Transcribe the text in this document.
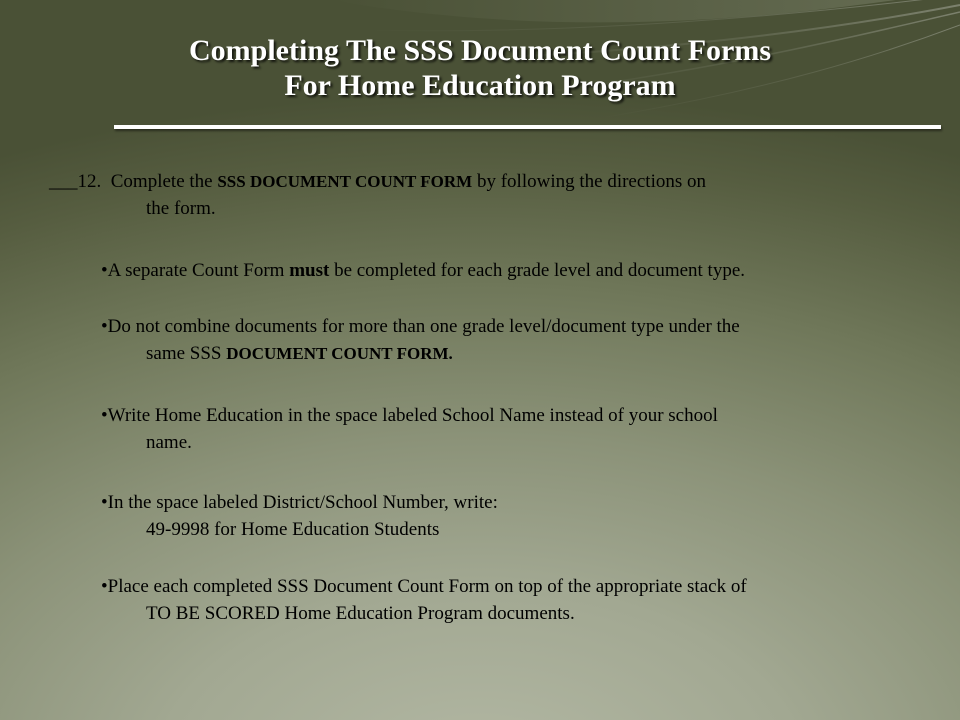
Completing The SSS Document Count Forms
For Home Education Program
___12. Complete the SSS DOCUMENT COUNT FORM by following the directions on
the form.
•A separate Count Form must be completed for each grade level and document type.
•Do not combine documents for more than one grade level/document type under the
same SSS DOCUMENT COUNT FORM.
•Write Home Education in the space labeled School Name instead of your school
name.
•In the space labeled District/School Number, write:
49-9998 for Home Education Students
•Place each completed SSS Document Count Form on top of the appropriate stack of
TO BE SCORED Home Education Program documents.
